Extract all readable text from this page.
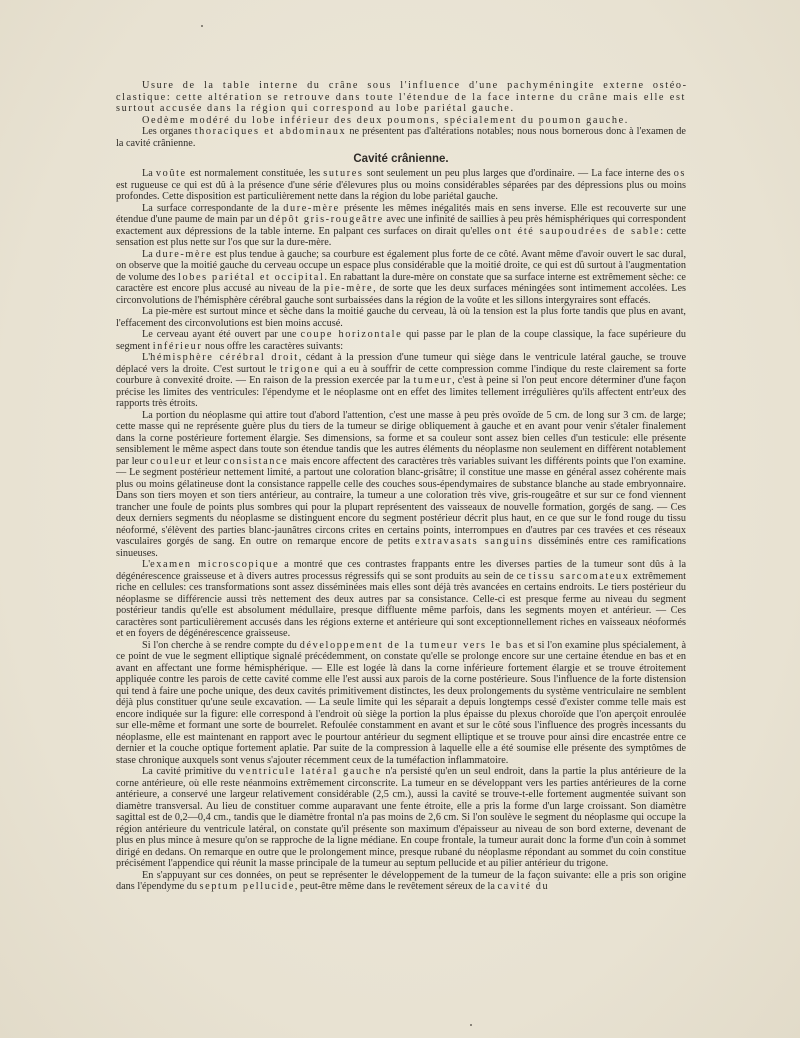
Usure de la table interne du crâne sous l'influence d'une pachyméningite externe ostéoclastique: cette altération se retrouve dans toute l'étendue de la face interne du crâne mais elle est surtout accusée dans la région qui correspond au lobe pariétal gauche.

Oedème modéré du lobe inférieur des deux poumons, spécialement du poumon gauche.

Les organes thoraciques et abdominaux ne présentent pas d'altérations notables; nous nous bornerous donc à l'examen de la cavité crânienne.

Cavité crânienne.

La voûte est normalement constituée, les sutures sont seulement un peu plus larges que d'ordinaire. — La face interne des os est rugueuse ce qui est dû à la présence d'une série d'élevures plus ou moins considérables séparées par des dépressions plus ou moins profondes. Cette disposition est particulièrement nette dans la région du lobe pariétal gauche.

La surface correspondante de la dure-mère présente les mêmes inégalités mais en sens inverse. Elle est recouverte sur une étendue d'une paume de main par un dépôt gris-rougeâtre avec une infinité de saillies à peu près hémisphériques qui correspondent exactement aux dépressions de la table interne. En palpant ces surfaces on dirait qu'elles ont été saupoudrées de sable: cette sensation est plus nette sur l'os que sur la dure-mère.

La dure-mère est plus tendue à gauche; sa courbure est également plus forte de ce côté. Avant même d'avoir ouvert le sac dural, on observe que la moitié gauche du cerveau occupe un espace plus considérable que la moitié droite, ce qui est dû surtout à l'augmentation de volume des lobes pariétal et occipital. En rabattant la dure-mère on constate que sa surface interne est extrêmement sèche: ce caractère est encore plus accusé au niveau de la pie-mère, de sorte que les deux surfaces méningées sont intimement accolées. Les circonvolutions de l'hémisphère cérébral gauche sont surbaissées dans la région de la voûte et les sillons intergyraires sont effacés.

La pie-mère est surtout mince et sèche dans la moitié gauche du cerveau, là où la tension est la plus forte tandis que plus en avant, l'effacement des circonvolutions est bien moins accusé.

Le cerveau ayant été ouvert par une coupe horizontale qui passe par le plan de la coupe classique, la face supérieure du segment inférieur nous offre les caractères suivants:

L'hémisphère cérébral droit, cédant à la pression d'une tumeur qui siège dans le ventricule latéral gauche, se trouve déplacé vers la droite. C'est surtout le trigone qui a eu à souffrir de cette compression comme l'indique du reste clairement sa forte courbure à convexité droite. — En raison de la pression exercée par la tumeur, c'est à peine si l'on peut encore déterminer d'une façon précise les limites des ventricules: l'épendyme et le néoplasme ont en effet des limites tellement irrégulières qu'ils affectent entr'eux des rapports très étroits.

La portion du néoplasme qui attire tout d'abord l'attention, c'est une masse à peu près ovoïde de 5 cm. de long sur 3 cm. de large; cette masse qui ne représente guère plus du tiers de la tumeur se dirige obliquement à gauche et en avant pour venir s'étaler finalement dans la corne postérieure fortement élargie. Ses dimensions, sa forme et sa couleur sont assez bien celles d'un testicule: elle présente sensiblement le même aspect dans toute son étendue tandis que les autres éléments du néoplasme non seulement en diffèrent notablement par leur couleur et leur consistance mais encore affectent des caractères très variables suivant les différents points que l'on examine. — Le segment postérieur nettement limité, a partout une coloration blanc-grisâtre; il constitue une masse en général assez cohérente mais plus ou moins gélatineuse dont la consistance rappelle celle des couches sous-épendymaires de substance blanche au stade embryonnaire. Dans son tiers moyen et son tiers antérieur, au contraire, la tumeur a une coloration très vive, gris-rougeâtre et sur sur ce fond viennent trancher une foule de points plus sombres qui pour la plupart représentent des vaisseaux de nouvelle formation, gorgés de sang. — Ces deux derniers segments du néoplasme se distinguent encore du segment postérieur décrit plus haut, en ce que sur le fond rouge du tissu néoformé, s'élèvent des parties blanc-jaunâtres circons crites en certains points, interrompues en d'autres par ces travées et ces réseaux vasculaires gorgés de sang. En outre on remarque encore de petits extravasats sanguins disséminés entre ces ramifications sinueuses.

L'examen microscopique a montré que ces contrastes frappants entre les diverses parties de la tumeur sont dûs à la dégénérescence graisseuse et à divers autres processus régressifs qui se sont produits au sein de ce tissu sarcomateux extrêmement riche en cellules: ces transformations sont assez disséminées mais elles sont déjà très avancées en certains endroits. Le tiers postérieur du néoplasme se différencie aussi très nettement des deux autres par sa consistance. Celle-ci est presque ferme au niveau du segment postérieur tandis qu'elle est absolument médullaire, presque diffluente même parfois, dans les segments moyen et antérieur. — Ces caractères sont particulièrement accusés dans les régions externe et antérieure qui sont exceptionnellement riches en vaisseaux néoformés et en foyers de dégénérescence graisseuse.

Si l'on cherche à se rendre compte du développement de la tumeur vers le bas et si l'on examine plus spécialement, à ce point de vue le segment elliptique signalé précédemment, on constate qu'elle se prolonge encore sur une certaine étendue en bas et en avant en affectant une forme hémisphérique. — Elle est logée là dans la corne inférieure fortement élargie et se trouve étroitement appliquée contre les parois de cette cavité comme elle l'est aussi aux parois de la corne postérieure. Sous l'influence de la forte distension qui tend à faire une poche unique, des deux cavités primitivement distinctes, les deux prolongements du système ventriculaire ne semblent déjà plus constituer qu'une seule excavation. — La seule limite qui les séparait a depuis longtemps cessé d'exister comme telle mais est encore indiquée sur la figure: elle correspond à l'endroit où siège la portion la plus épaisse du plexus choroïde que l'on aperçoit enroulée sur elle-même et formant une sorte de bourrelet. Refoulée constamment en avant et sur le côté sous l'influence des progrès incessants du néoplasme, elle est maintenant en rapport avec le pourtour antérieur du segment elliptique et se trouve pour ainsi dire encastrée entre ce dernier et la couche optique fortement aplatie. Par suite de la compression à laquelle elle a été soumise elle présente des symptômes de stase chronique auxquels sont venus s'ajouter récemment ceux de la tuméfaction inflammatoire.

La cavité primitive du ventricule latéral gauche n'a persisté qu'en un seul endroit, dans la partie la plus antérieure de la corne antérieure, où elle reste néanmoins extrêmement circonscrite. La tumeur en se développant vers les parties antérieures de la corne antérieure, a conservé une largeur relativement considérable (2,5 cm.), aussi la cavité se trouve-t-elle fortement augmentée suivant son diamètre transversal. Au lieu de constituer comme auparavant une fente étroite, elle a pris la forme d'un large croissant. Son diamètre sagittal est de 0,2—0,4 cm., tandis que le diamètre frontal n'a pas moins de 2,6 cm. Si l'on soulève le segment du néoplasme qui occupe la région antérieure du ventricule latéral, on constate qu'il présente son maximum d'épaisseur au niveau de son bord externe, devenant de plus en plus mince à mesure qu'on se rapproche de la ligne médiane. En coupe frontale, la tumeur aurait donc la forme d'un coin à sommet dirigé en dedans. On remarque en outre que le prolongement mince, presque rubané du néoplasme répondant au sommet du coin constitue précisément l'appendice qui réunit la masse principale de la tumeur au septum pellucide et au pilier antérieur du trigone.

En s'appuyant sur ces données, on peut se représenter le développement de la tumeur de la façon suivante: elle a pris son origine dans l'épendyme du septum pellucide, peut-être même dans le revêtement séreux de la cavité du
